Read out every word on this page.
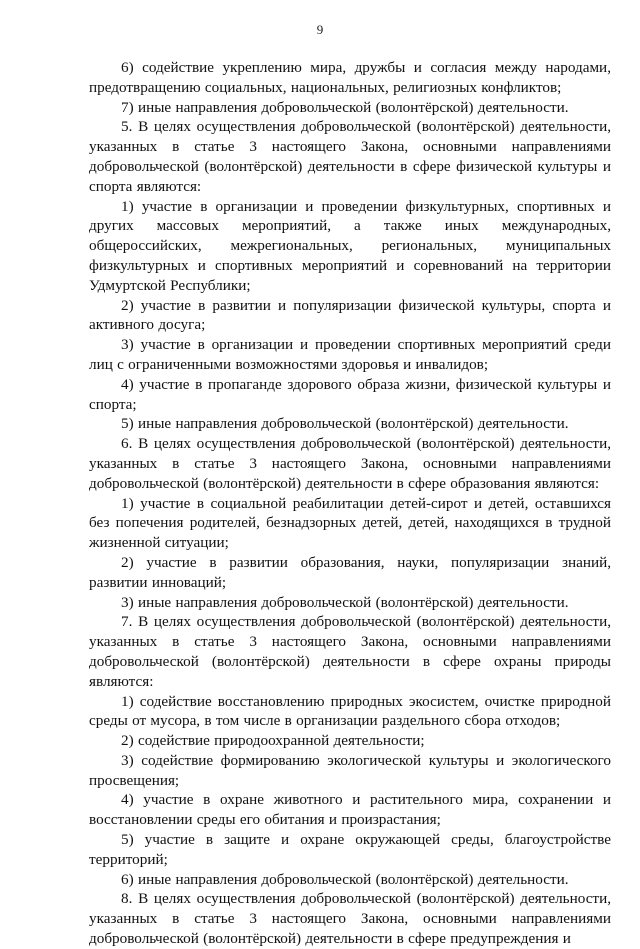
9

6) содействие укреплению мира, дружбы и согласия между народами, предотвращению социальных, национальных, религиозных конфликтов;

7) иные направления добровольческой (волонтёрской) деятельности.

5. В целях осуществления добровольческой (волонтёрской) деятельности, указанных в статье 3 настоящего Закона, основными направлениями добровольческой (волонтёрской) деятельности в сфере физической культуры и спорта являются:

1) участие в организации и проведении физкультурных, спортивных и других массовых мероприятий, а также иных международных, общероссийских, межрегиональных, региональных, муниципальных физкультурных и спортивных мероприятий и соревнований на территории Удмуртской Республики;

2) участие в развитии и популяризации физической культуры, спорта и активного досуга;

3) участие в организации и проведении спортивных мероприятий среди лиц с ограниченными возможностями здоровья и инвалидов;

4) участие в пропаганде здорового образа жизни, физической культуры и спорта;

5) иные направления добровольческой (волонтёрской) деятельности.

6. В целях осуществления добровольческой (волонтёрской) деятельности, указанных в статье 3 настоящего Закона, основными направлениями добровольческой (волонтёрской) деятельности в сфере образования являются:

1) участие в социальной реабилитации детей-сирот и детей, оставшихся без попечения родителей, безнадзорных детей, детей, находящихся в трудной жизненной ситуации;

2) участие в развитии образования, науки, популяризации знаний, развитии инноваций;

3) иные направления добровольческой (волонтёрской) деятельности.

7. В целях осуществления добровольческой (волонтёрской) деятельности, указанных в статье 3 настоящего Закона, основными направлениями добровольческой (волонтёрской) деятельности в сфере охраны природы являются:

1) содействие восстановлению природных экосистем, очистке природной среды от мусора, в том числе в организации раздельного сбора отходов;

2) содействие природоохранной деятельности;

3) содействие формированию экологической культуры и экологического просвещения;

4) участие в охране животного и растительного мира, сохранении и восстановлении среды его обитания и произрастания;

5) участие в защите и охране окружающей среды, благоустройстве территорий;

6) иные направления добровольческой (волонтёрской) деятельности.

8. В целях осуществления добровольческой (волонтёрской) деятельности, указанных в статье 3 настоящего Закона, основными направлениями добровольческой (волонтёрской) деятельности в сфере предупреждения и
